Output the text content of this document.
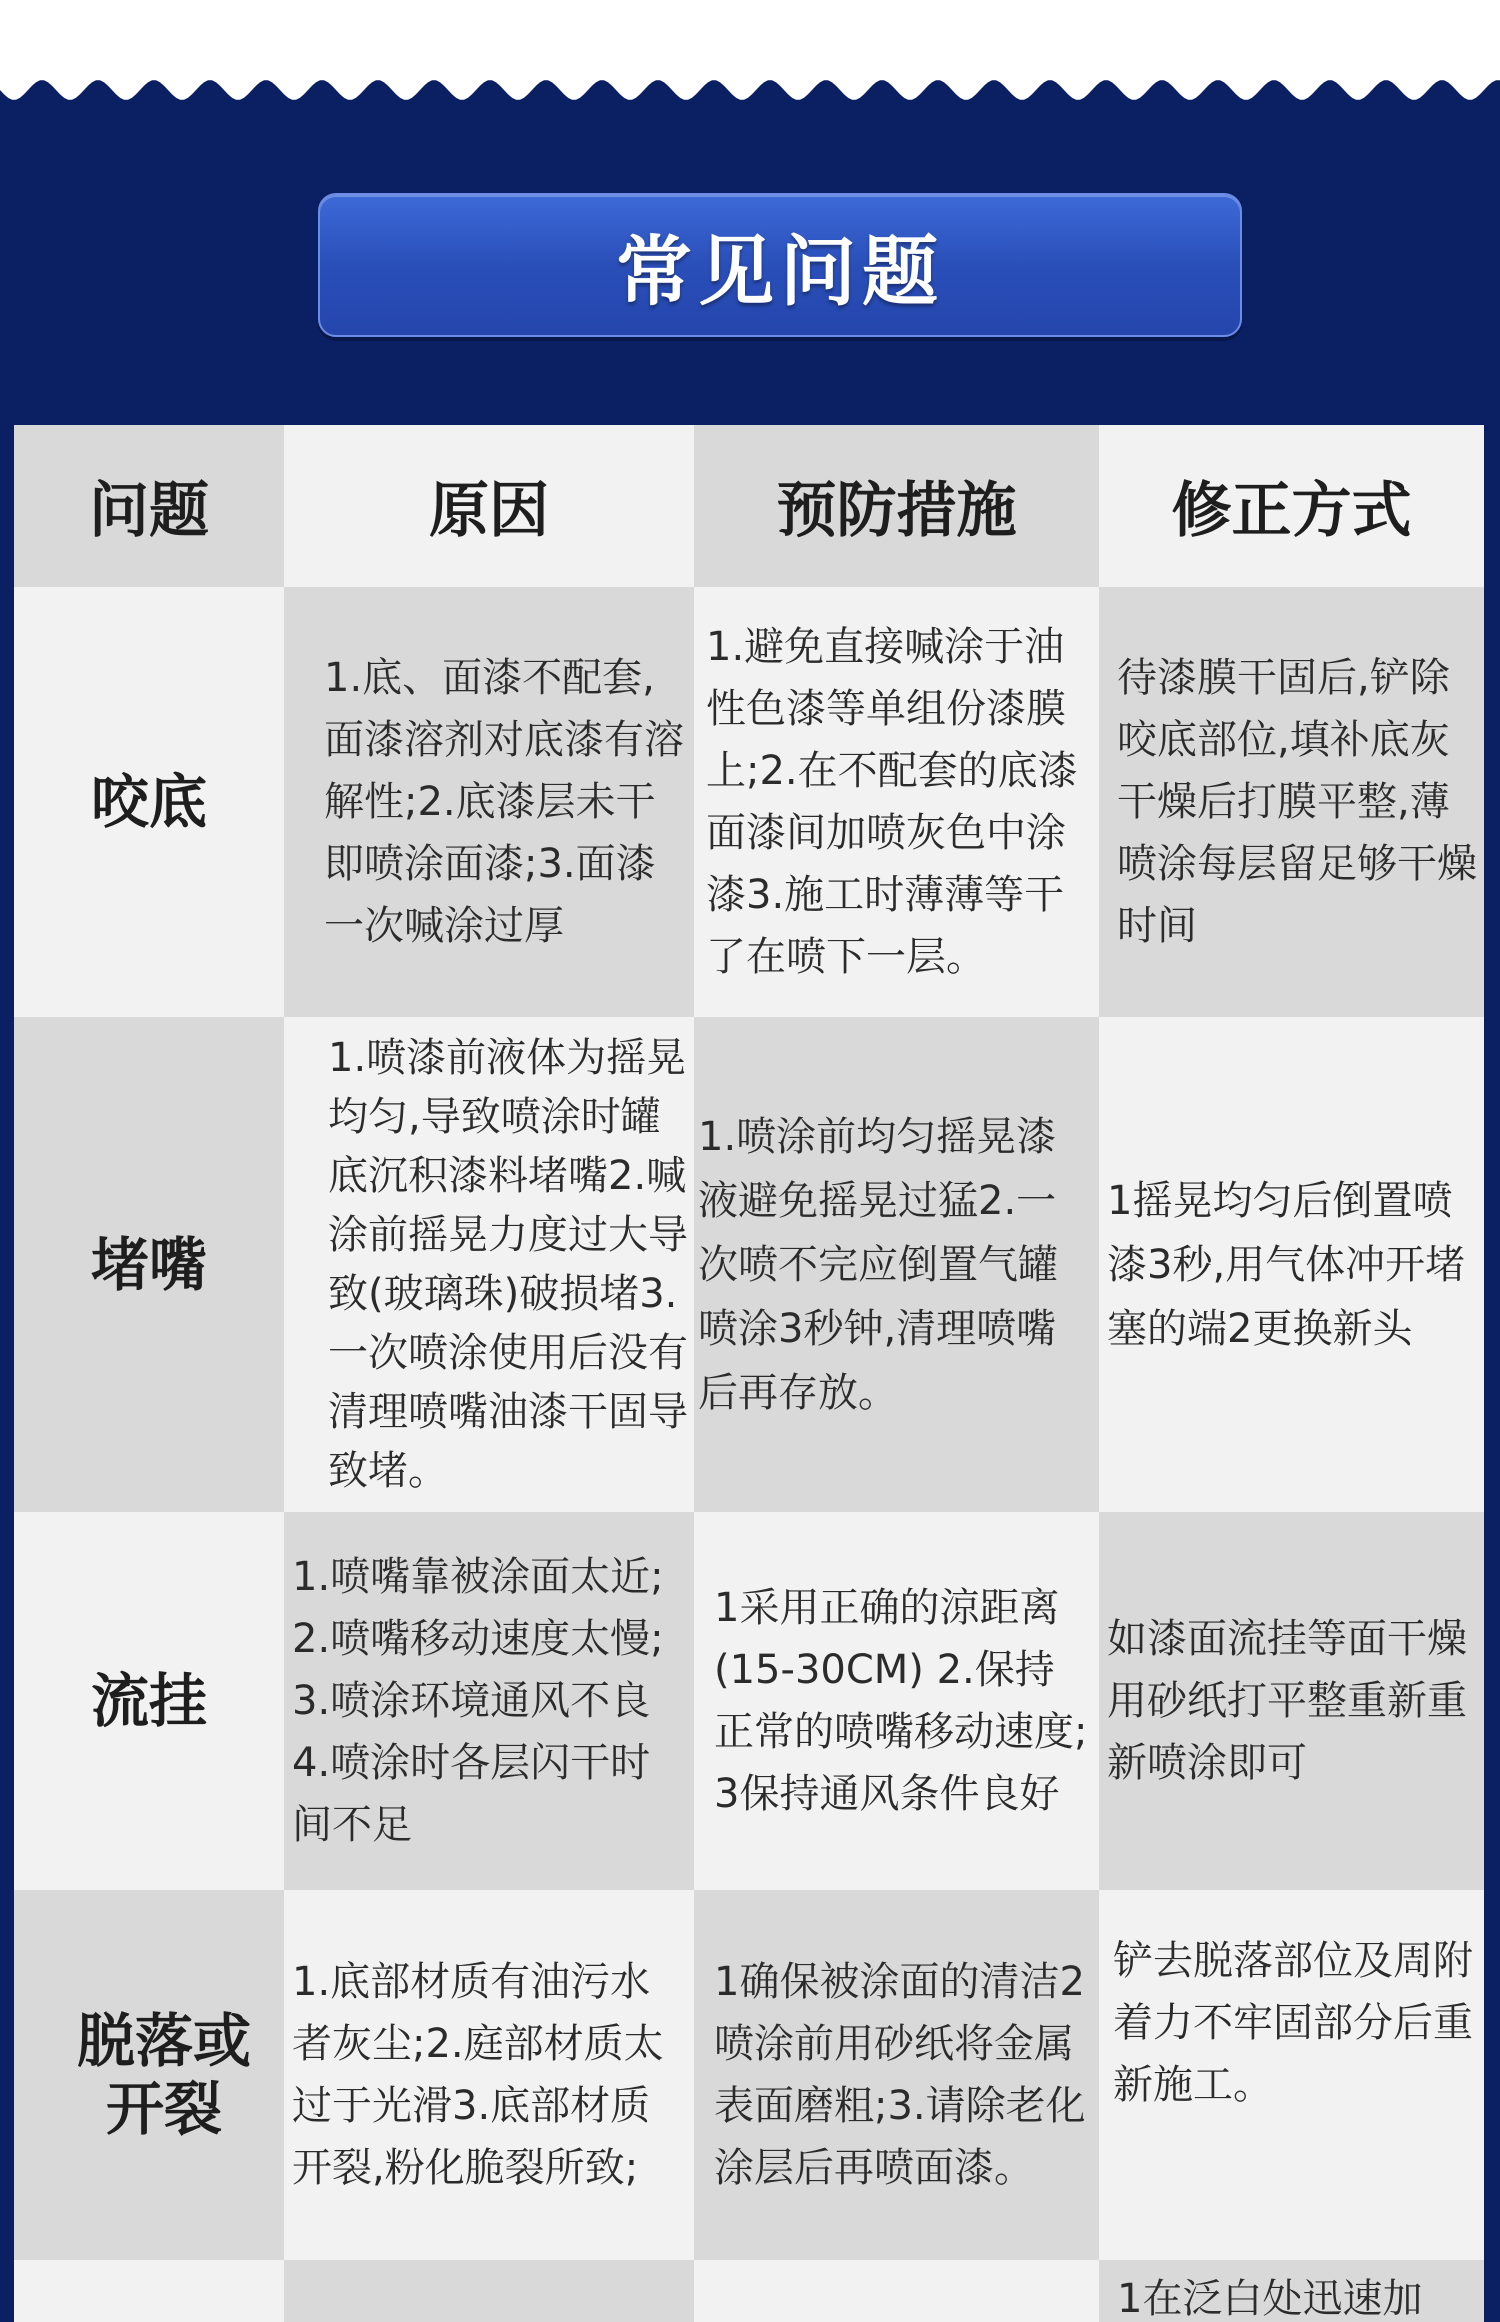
常见问题
问题	原因	预防措施	修正方式
咬底	1.底、面漆不配套,面漆溶剂对底漆有溶解性;2.底漆层未干即喷涂面漆;3.面漆一次喊涂过厚	1.避免直接喊涂于油性色漆等单组份漆膜上;2.在不配套的底漆面漆间加喷灰色中涂漆3.施工时薄薄等干了在喷下一层。	待漆膜干固后,铲除咬底部位,填补底灰干燥后打膜平整,薄喷涂每层留足够干燥时间

堵嘴	1.喷漆前液体为摇晃均匀,导致喷涂时罐底沉积漆料堵嘴2.喊涂前摇晃力度过大导致(玻璃珠)破损堵3.一次喷涂使用后没有清理喷嘴油漆干固导致堵。	1.喷涂前均匀摇晃漆液避免摇晃过猛2.一次喷不完应倒置气罐喷涂3秒钟,清理喷嘴后再存放。	1摇晃均匀后倒置喷漆3秒,用气体冲开堵塞的端2更换新头

流挂	1.喷嘴靠被涂面太近;2.喷嘴移动速度太慢;3.喷涂环境通风不良4.喷涂时各层闪干时间不足	1采用正确的涼距离(15-30CM) 2.保持正常的喷嘴移动速度;3保持通风条件良好	如漆面流挂等面干燥用砂纸打平整重新重新喷涂即可

脱落或开裂	1.底部材质有油污水者灰尘;2.庭部材质太过于光滑3.底部材质开裂,粉化脆裂所致;	1确保被涂面的清洁2喷涂前用砂纸将金属表面磨粗;3.请除老化涂层后再喷面漆。	铲去脱落部位及周附着力不牢固部分后重新施工。

			1在泛白处迅速加
